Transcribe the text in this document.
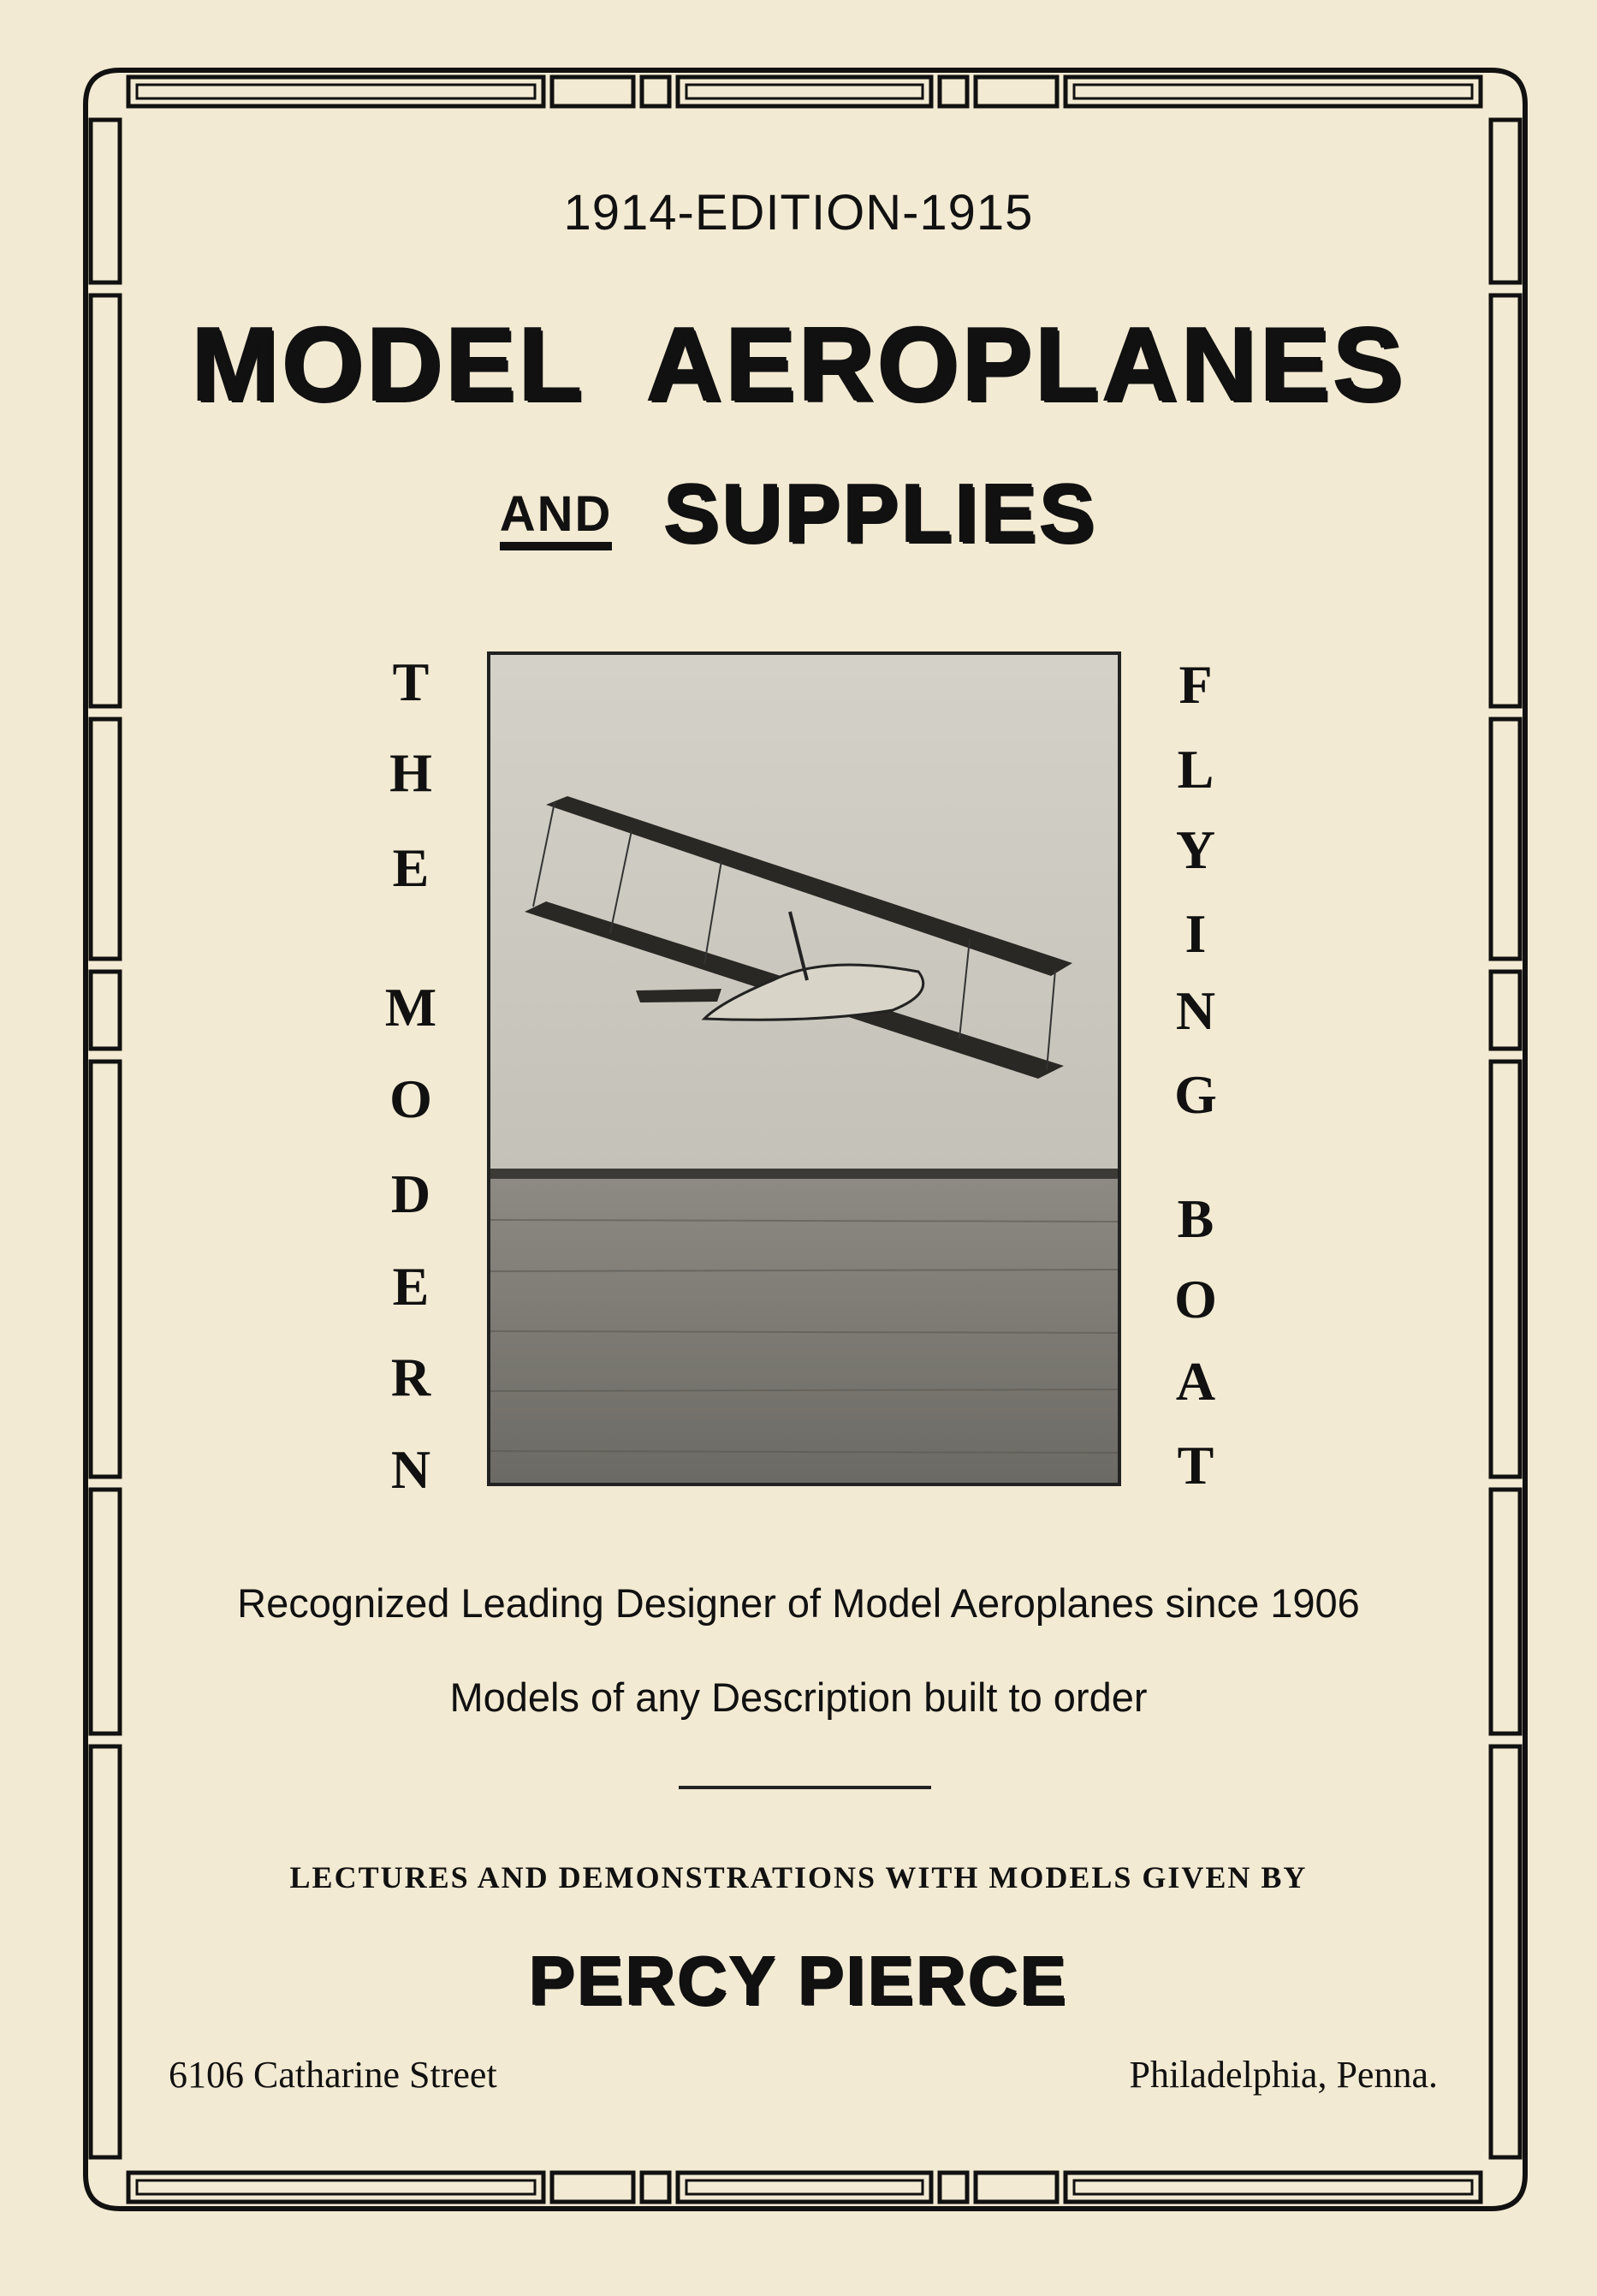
1914-EDITION-1915
MODEL AEROPLANES
AND SUPPLIES
T
H
E
M
O
D
E
R
N
F
L
Y
I
N
G
B
O
A
T
Recognized Leading Designer of Model Aeroplanes since 1906
Models of any Description built to order
LECTURES AND DEMONSTRATIONS WITH MODELS GIVEN BY
PERCY PIERCE
6106 Catharine Street	Philadelphia, Penna.
